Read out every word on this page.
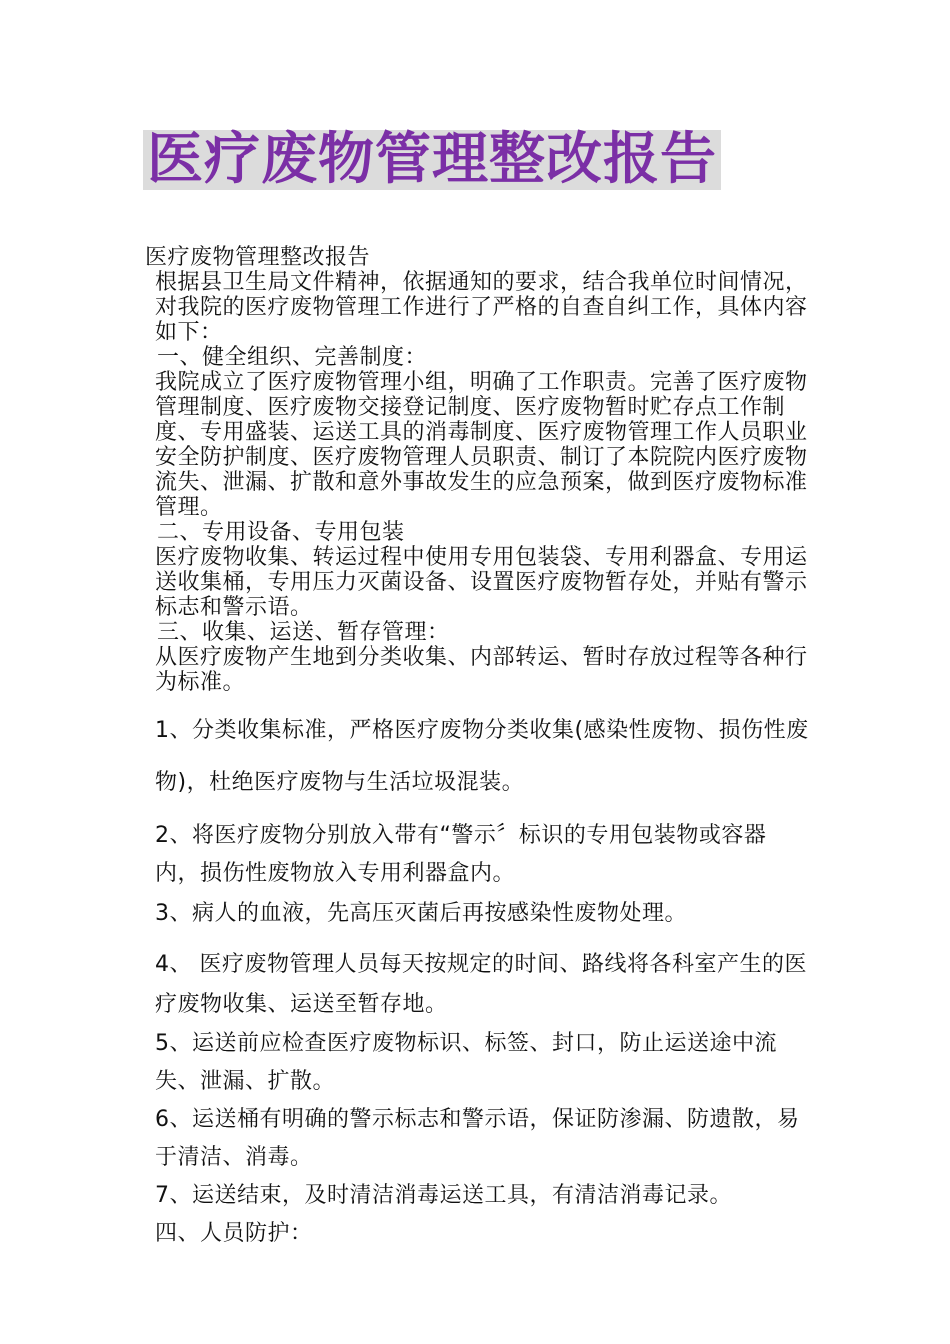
医疗废物管理整改报告

医疗废物管理整改报告

根据县卫生局文件精神，依据通知的要求，结合我单位时间情况，对我院的医疗废物管理工作进行了严格的自查自纠工作，具体内容如下：

一、健全组织、完善制度：

我院成立了医疗废物管理小组，明确了工作职责。完善了医疗废物管理制度、医疗废物交接登记制度、医疗废物暂时贮存点工作制度、专用盛装、运送工具的消毒制度、医疗废物管理工作人员职业安全防护制度、医疗废物管理人员职责、制订了本院院内医疗废物流失、泄漏、扩散和意外事故发生的应急预案，做到医疗废物标准管理。

二、专用设备、专用包装

医疗废物收集、转运过程中使用专用包装袋、专用利器盒、专用运送收集桶，专用压力灭菌设备、设置医疗废物暂存处，并贴有警示标志和警示语。

三、收集、运送、暂存管理：

从医疗废物产生地到分类收集、内部转运、暂时存放过程等各种行为标准。

1、分类收集标准，严格医疗废物分类收集(感染性废物、损伤性废物)，杜绝医疗废物与生活垃圾混装。

2、将医疗废物分别放入带有“警示〞标识的专用包装物或容器内，损伤性废物放入专用利器盒内。

3、病人的血液，先高压灭菌后再按感染性废物处理。

4、 医疗废物管理人员每天按规定的时间、路线将各科室产生的医疗废物收集、运送至暂存地。

5、运送前应检查医疗废物标识、标签、封口，防止运送途中流失、泄漏、扩散。

6、运送桶有明确的警示标志和警示语，保证防渗漏、防遗散，易于清洁、消毒。

7、运送结束，及时清洁消毒运送工具，有清洁消毒记录。

四、人员防护：
